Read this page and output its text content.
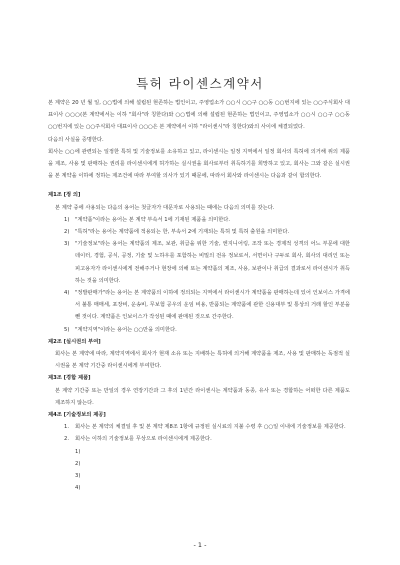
특허 라이센스계약서

본 계약은 20 년 월 일, ○○법에 의해 설립된 현존하는 법인이고, 주영업소가 ○○시 ○○구 ○○동 ○○번지에 있는 ○○주식회사 대표이사 ○○○(본 계약에서는 이하 "회사"라 칭한다)와 ○○법에 의해 설립된 현존하는 법인이고, 주영업소가 ○○시 ○○구 ○○동 ○○번지에 있는 ○○주식회사 대표이사 ○○○은 본 계약에서 이하 "라이센시"라 칭한다)와의 사이에 체결되었다.

다음의 사실을 증명한다.

회사는 ○○에 관련되는 일정한 특허 및 기술정보를 소유하고 있고, 라이센시는 일정 지역에서 일정 회사의 특허에 의거해 위의 제품을 제조, 사용 및 판매하는 권리를 라이센시에게 허가하는 실시권을 회사로부터 취득하기를 희망하고 있고, 회사는 그와 같은 실시권을 본 계약을 이하에 정하는 제조건에 따라 부여할 의사가 있기 때문에, 따라서 회사와 라이센시는 다음과 같이 합의한다.

제1조 [정 의]

본 계약 중에 사용되는 다음의 용어는 첫글자가 대문자로 사용되는 때에는 다음의 의미를 갖는다.

1)	"계약품"이라는 용어는 본 계약 부속서 1에 기재된 제품을 의미한다.
2)	"특허"라는 용어는 계약품에 적용되는 한, 부속서 2에 기재되는 특허 및 특허 출원을 의미한다.
3)	"기술정보"라는 용어는 계약품의 제조, 보관, 취급을 위한 기술, 엔지니어링, 조작 또는 경제적 성격의 어느 부문에 대한 데이터, 경험, 공식, 공정, 기술 및 노하우를 포함하는 비밀의 전유 정보로서, 서면이나 구두로 회사, 회사의 대리인 또는 피고용자가 라이센시에게 전해주거나 현장에 의해 또는 계약품의 제조, 사용, 보관이나 취급의 결과로서 라이센시가 취득하는 것을 의미한다.
4)	"정발판매가"라는 용어는 본 계약품의 이하에 정의되는 지역에서 라이센시가 계약품을 판매하는데 있어 인보이스 가격에서 불통 매매세, 포장비, 운송비, 무보험 공우의 운임 비용, 반품되는 계약품에 관한 신용대부 및 통상의 거래 할인 부분을 뺀 것이다. 계약품은 인보이스가 작성된 때에 판매된 것으로 간주한다.
5)	"계약지역"이라는 용어는 ○○만을 의미한다.

제2조 [실시권의 부여]

회사는 본 계약에 따라, 계약지역에서 회사가 현재 소유 또는 지배하는 특허에 의거해 계약품을 제조, 사용 및 판매하는 독점적 실시권을 본 계약 기간중 라이센시에게 부여한다.

제3조 [경합 제품]

본 계약 기간중 또는 만일의 경우 연장기간과 그 후의 1년간 라이센시는 계약품과 동종, 유사 또는 경합하는 어떠한 다른 제품도 제조하지 않는다.

제4조 [기술정보의 제공]

1.	회사는 본 계약의 체결일 후 및 본 계약 제8조 1항에 규정된 실시료의 지불 수령 후 ○○일 이내에 기술정보를 제공한다.
2.	회사는 이하의 기술정보를 무상으로 라이센시에게 제공한다.
1)
2)
3)
4)
- 1 -
